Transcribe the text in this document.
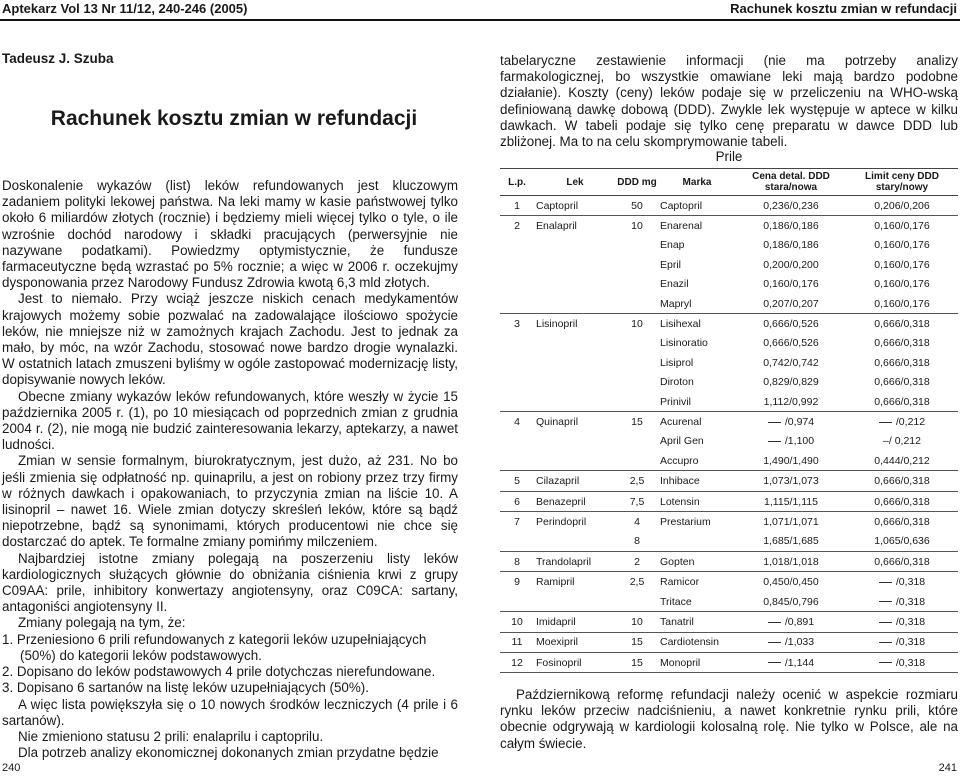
Aptekarz Vol 13 Nr 11/12, 240-246 (2005)	Rachunek kosztu zmian w refundacji
Tadeusz J. Szuba
Rachunek kosztu zmian w refundacji

Doskonalenie wykazów (list) leków refundowanych jest kluczowym zadaniem polityki lekowej państwa. Na leki mamy w kasie państwowej tylko około 6 miliardów złotych (rocznie) i będziemy mieli więcej tylko o tyle, o ile wzrośnie dochód narodowy i składki pracujących (perwersyjnie nie nazywane podatkami). Powiedzmy optymistycznie, że fundusze farmaceutyczne będą wzrastać po 5% rocznie; a więc w 2006 r. oczekujmy dysponowania przez Narodowy Fundusz Zdrowia kwotą 6,3 mld złotych.

Jest to niemało. Przy wciąż jeszcze niskich cenach medykamentów krajowych możemy sobie pozwalać na zadowalające ilościowo spożycie leków, nie mniejsze niż w zamożnych krajach Zachodu. Jest to jednak za mało, by móc, na wzór Zachodu, stosować nowe bardzo drogie wynalazki. W ostatnich latach zmuszeni byliśmy w ogóle zastopować modernizację listy, dopisywanie nowych leków.

Obecne zmiany wykazów leków refundowanych, które weszły w życie 15 października 2005 r. (1), po 10 miesiącach od poprzednich zmian z grudnia 2004 r. (2), nie mogą nie budzić zainteresowania lekarzy, aptekarzy, a nawet ludności.

Zmian w sensie formalnym, biurokratycznym, jest dużo, aż 231. No bo jeśli zmienia się odpłatność np. quinaprilu, a jest on robiony przez trzy firmy w różnych dawkach i opakowaniach, to przyczynia zmian na liście 10. A lisinopril – nawet 16. Wiele zmian dotyczy skreśleń leków, które są bądź niepotrzebne, bądź są synonimami, których producentowi nie chce się dostarczać do aptek. Te formalne zmiany pomińmy milczeniem.

Najbardziej istotne zmiany polegają na poszerzeniu listy leków kardiologicznych służących głównie do obniżania ciśnienia krwi z grupy C09AA: prile, inhibitory konwertazy angiotensyny, oraz C09CA: sartany, antagoniści angiotensyny II.

Zmiany polegają na tym, że:

1. Przeniesiono 6 prili refundowanych z kategorii leków uzupełniających (50%) do kategorii leków podstawowych.

2. Dopisano do leków podstawowych 4 prile dotychczas nierefundowane.

3. Dopisano 6 sartanów na listę leków uzupełniających (50%).

A więc lista powiększyła się o 10 nowych środków leczniczych (4 prile i 6 sartanów).

Nie zmieniono statusu 2 prili: enalaprilu i captoprilu.

Dla potrzeb analizy ekonomicznej dokonanych zmian przydatne będzie

tabelaryczne zestawienie informacji (nie ma potrzeby analizy farmakologicznej, bo wszystkie omawiane leki mają bardzo podobne działanie). Koszty (ceny) leków podaje się w przeliczeniu na WHO-wską definiowaną dawkę dobową (DDD). Zwykle lek występuje w aptece w kilku dawkach. W tabeli podaje się tylko cenę preparatu w dawce DDD lub zbliżonej. Ma to na celu skomprymowanie tabeli.

Prile
L.p.	Lek	DDD mg	Marka	Cena detal. DDD stara/nowa	Limit ceny DDD stary/nowy
1	Captopril	50	Captopril	0,236/0,236	0,206/0,206
2	Enalapril	10	Enarenal	0,186/0,186	0,160/0,176
			Enap	0,186/0,186	0,160/0,176
			Epril	0,200/0,200	0,160/0,176
			Enazil	0,160/0,176	0,160/0,176
			Mapryl	0,207/0,207	0,160/0,176
3	Lisinopril	10	Lisihexal	0,666/0,526	0,666/0,318
			Lisinoratio	0,666/0,526	0,666/0,318
			Lisiprol	0,742/0,742	0,666/0,318
			Diroton	0,829/0,829	0,666/0,318
			Prinivil	1,112/0,992	0,666/0,318
4	Quinapril	15	Acurenal	/0,974	/0,212
			April Gen	/1,100	–/ 0,212
			Accupro	1,490/1,490	0,444/0,212
5	Cilazapril	2,5	Inhibace	1,073/1,073	0,666/0,318
6	Benazepril	7,5	Lotensin	1,115/1,115	0,666/0,318
7	Perindopril	4	Prestarium	1,071/1,071	0,666/0,318
		8		1,685/1,685	1,065/0,636
8	Trandolapril	2	Gopten	1,018/1,018	0,666/0,318
9	Ramipril	2,5	Ramicor	0,450/0,450	/0,318
			Tritace	0,845/0,796	/0,318
10	Imidapril	10	Tanatril	/0,891	/0,318
11	Moexipril	15	Cardiotensin	/1,033	/0,318
12	Fosinopril	15	Monopril	/1,144	/0,318

Październikową reformę refundacji należy ocenić w aspekcie rozmiaru rynku leków przeciw nadciśnieniu, a nawet konkretnie rynku prili, które obecnie odgrywają w kardiologii kolosalną rolę. Nie tylko w Polsce, ale na całym świecie.

240	241
